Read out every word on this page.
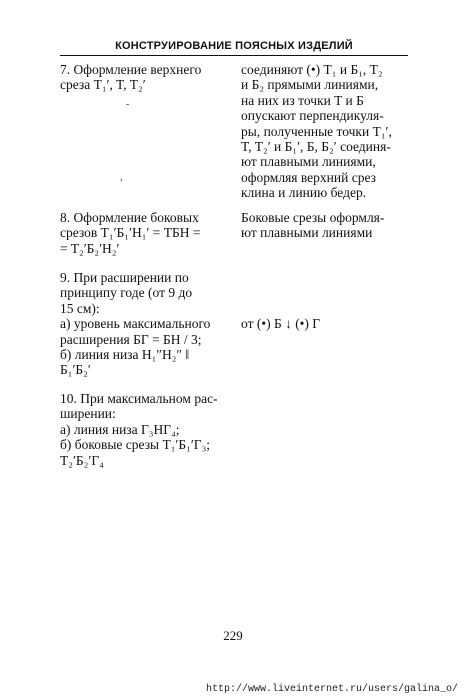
КОНСТРУИРОВАНИЕ ПОЯСНЫХ ИЗДЕЛИЙ
7. Оформление верхнего
среза T₁′, T, T₂′
соединяют (•) T₁ и Б₁, T₂
и Б₂ прямыми линиями,
на них из точки T и Б
опускают перпендикуля-
ры, полученные точки T₁′,
T, T₂′ и Б₁′, Б, Б₂′ соединя-
ют плавными линиями,
оформляя верхний срез
клина и линию бедер.
8. Оформление боковых
срезов T₁′Б₁′Н₁′ = TБН =
= T₂′Б₂′Н₂′
Боковые срезы оформля-
ют плавными линиями
9. При расширении по
принципу годе (от 9 до
15 см):
а) уровень максимального
расширения БГ = БН / 3;
б) линия низа Н₁″Н₂″ ‖
Б₁′Б₂′

от (•) Б ↓ (•) Г
10. При максимальном рас-
ширении:
а) линия низа Г₃НГ₄;
б) боковые срезы T₁′Б₁′Г₃;
T₂′Б₂′Г₄
-
,
229
http://www.liveinternet.ru/users/galina_o/
